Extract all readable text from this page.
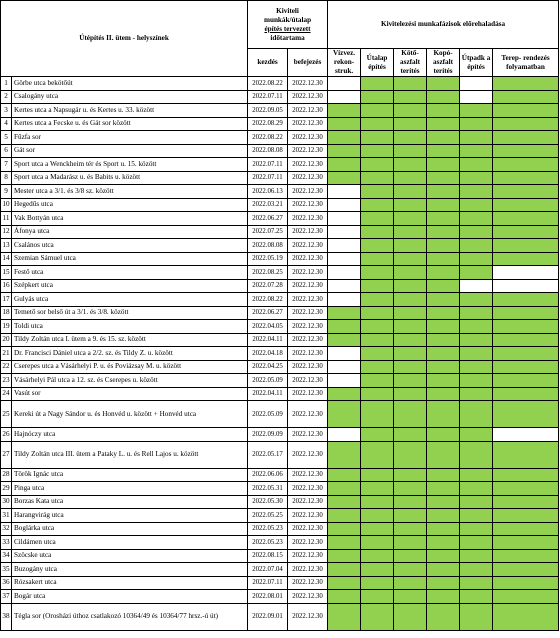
Útépítés II. ütem - helyszínek		Kiviteli
munkák/útalap
építés tervezett
időtartama		Kivitelezési munkafázisok előrehaladása					
		kezdés	befejezés	Vízvez. rekon-struk.	Útalap építés	Kötő-aszfalt terítés	Kopó-aszfalt terítés	Útpadk a építés	Terep- rendezés folyamatban
1	Görbe utca bekötőút	2022.08.22	2022.12.30						
2	Csalogány utca	2022.07.11	2022.12.30						
3	Kertes utca a Napsugár u. és Kertes u. 33. között	2022.09.05	2022.12.30						
4	Kertes utca a Fecske u. és Gát sor között	2022.08.29	2022.12.30						
5	Fűzfa sor	2022.08.22	2022.12.30						
6	Gát sor	2022.08.08	2022.12.30						
7	Sport utca a Wenckheim tér és Sport u. 15. között	2022.07.11	2022.12.30						
8	Sport utca a Madarász u. és Babits u. között	2022.07.11	2022.12.30						
9	Mester utca a 3/1. és 3/8 sz. között	2022.06.13	2022.12.30						
10	Hegedűs utca	2022.03.21	2022.12.30						
11	Vak Bottyán utca	2022.06.27	2022.12.30						
12	Áfonya utca	2022.07.25	2022.12.30						
13	Csalános utca	2022.08.08	2022.12.30						
14	Szemian Sámuel utca	2022.05.19	2022.12.30						
15	Festő utca	2022.08.25	2022.12.30						
16	Szépkert utca	2022.07.28	2022.12.30						
17	Gulyás utca	2022.08.22	2022.12.30						
18	Temető sor belső út a 3/1. és 3/8. között	2022.06.27	2022.12.30						
19	Toldi utca	2022.04.05	2022.12.30						
20	Tildy Zoltán utca I. ütem a 9. és 15. sz. között	2022.04.11	2022.12.30						
21	Dr. Francisci Dániel utca a 2/2. sz. és Tildy Z. u. között	2022.04.18	2022.12.30						
22	Cserepes utca a Vásárhelyi P. u. és Poviázsay M. u. között	2022.04.25	2022.12.30						
23	Vásárhelyi Pál utca a 12. sz. és Cserepes u. között	2022.05.09	2022.12.30						
24	Vasút sor	2022.04.11	2022.12.30						
25	Kereki út a Nagy Sándor u. és Honvéd u. között + Honvéd utca	2022.05.09	2022.12.30						
26	Hajnóczy utca	2022.09.09	2022.12.30						
27	Tildy Zoltán utca III. ütem a Pataky L. u. és Rell Lajos u. között	2022.05.17	2022.12.30						
28	Török Ignác utca	2022.06.06	2022.12.30						
29	Pinga utca	2022.05.31	2022.12.30						
30	Borzas Kata utca	2022.05.30	2022.12.30						
31	Harangvirág utca	2022.05.25	2022.12.30						
32	Boglárka utca	2022.05.23	2022.12.30						
33	Cildámen utca	2022.05.23	2022.12.30						
34	Szöcske utca	2022.08.15	2022.12.30						
35	Buzogány utca	2022.07.04	2022.12.30						
36	Rózsakert utca	2022.07.11	2022.12.30						
37	Bogár utca	2022.08.01	2022.12.30						
38	Tégla sor (Orosházi úthoz csatlakozó 10364/49 és 10364/77 hrsz.-ú út)	2022.09.01	2022.12.30						
